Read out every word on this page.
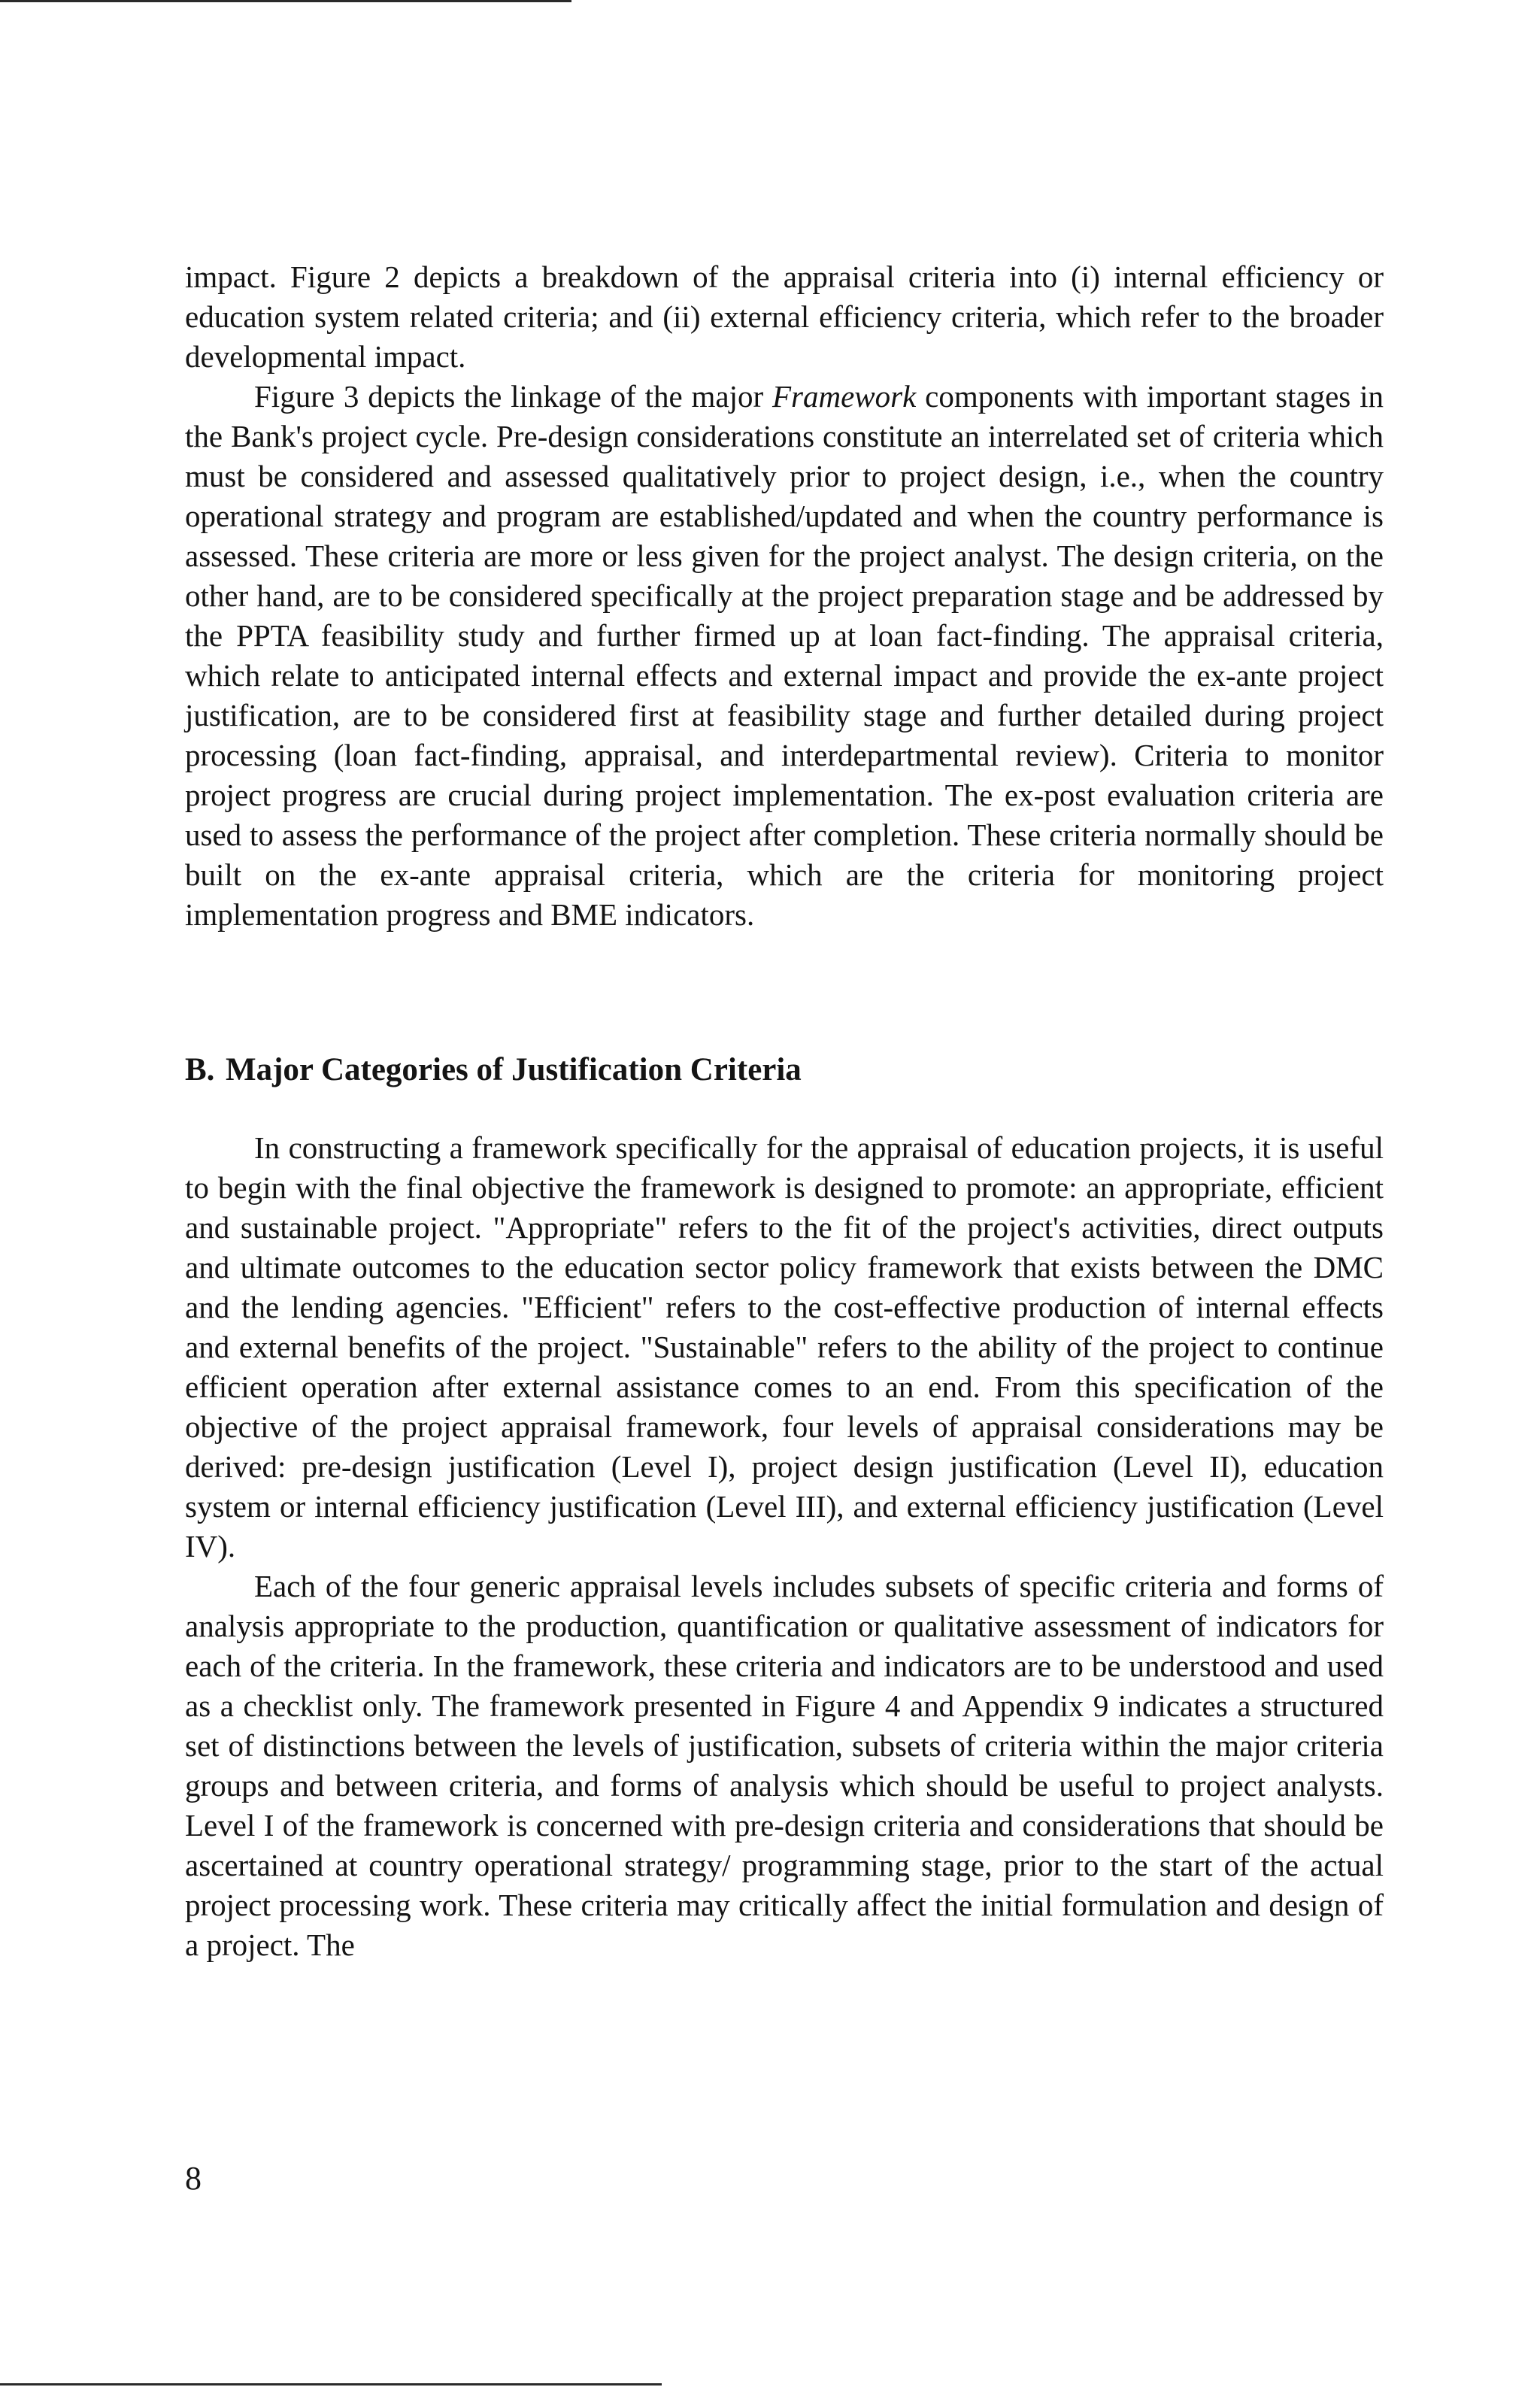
impact. Figure 2 depicts a breakdown of the appraisal criteria into (i) internal efficiency or education system related criteria; and (ii) external efficiency criteria, which refer to the broader developmental impact.

Figure 3 depicts the linkage of the major Framework components with important stages in the Bank's project cycle. Pre-design considerations constitute an interrelated set of criteria which must be considered and assessed qualitatively prior to project design, i.e., when the country operational strategy and program are established/updated and when the country performance is assessed. These criteria are more or less given for the project analyst. The design criteria, on the other hand, are to be considered specifically at the project preparation stage and be addressed by the PPTA feasibility study and further firmed up at loan fact-finding. The appraisal criteria, which relate to anticipated internal effects and external impact and provide the ex-ante project justification, are to be considered first at feasibility stage and further detailed during project processing (loan fact-finding, appraisal, and interdepartmental review). Criteria to monitor project progress are crucial during project implementation. The ex-post evaluation criteria are used to assess the performance of the project after completion. These criteria normally should be built on the ex-ante appraisal criteria, which are the criteria for monitoring project implementation progress and BME indicators.

B. Major Categories of Justification Criteria

In constructing a framework specifically for the appraisal of education projects, it is useful to begin with the final objective the framework is designed to promote: an appropriate, efficient and sustainable project. "Appropriate" refers to the fit of the project's activities, direct outputs and ultimate outcomes to the education sector policy framework that exists between the DMC and the lending agencies. "Efficient" refers to the cost-effective production of internal effects and external benefits of the project. "Sustainable" refers to the ability of the project to continue efficient operation after external assistance comes to an end. From this specification of the objective of the project appraisal framework, four levels of appraisal considerations may be derived: pre-design justification (Level I), project design justification (Level II), education system or internal efficiency justification (Level III), and external efficiency justification (Level IV).

Each of the four generic appraisal levels includes subsets of specific criteria and forms of analysis appropriate to the production, quantification or qualitative assessment of indicators for each of the criteria. In the framework, these criteria and indicators are to be understood and used as a checklist only. The framework presented in Figure 4 and Appendix 9 indicates a structured set of distinctions between the levels of justification, subsets of criteria within the major criteria groups and between criteria, and forms of analysis which should be useful to project analysts. Level I of the framework is concerned with pre-design criteria and considerations that should be ascertained at country operational strategy/ programming stage, prior to the start of the actual project processing work. These criteria may critically affect the initial formulation and design of a project. The

8
